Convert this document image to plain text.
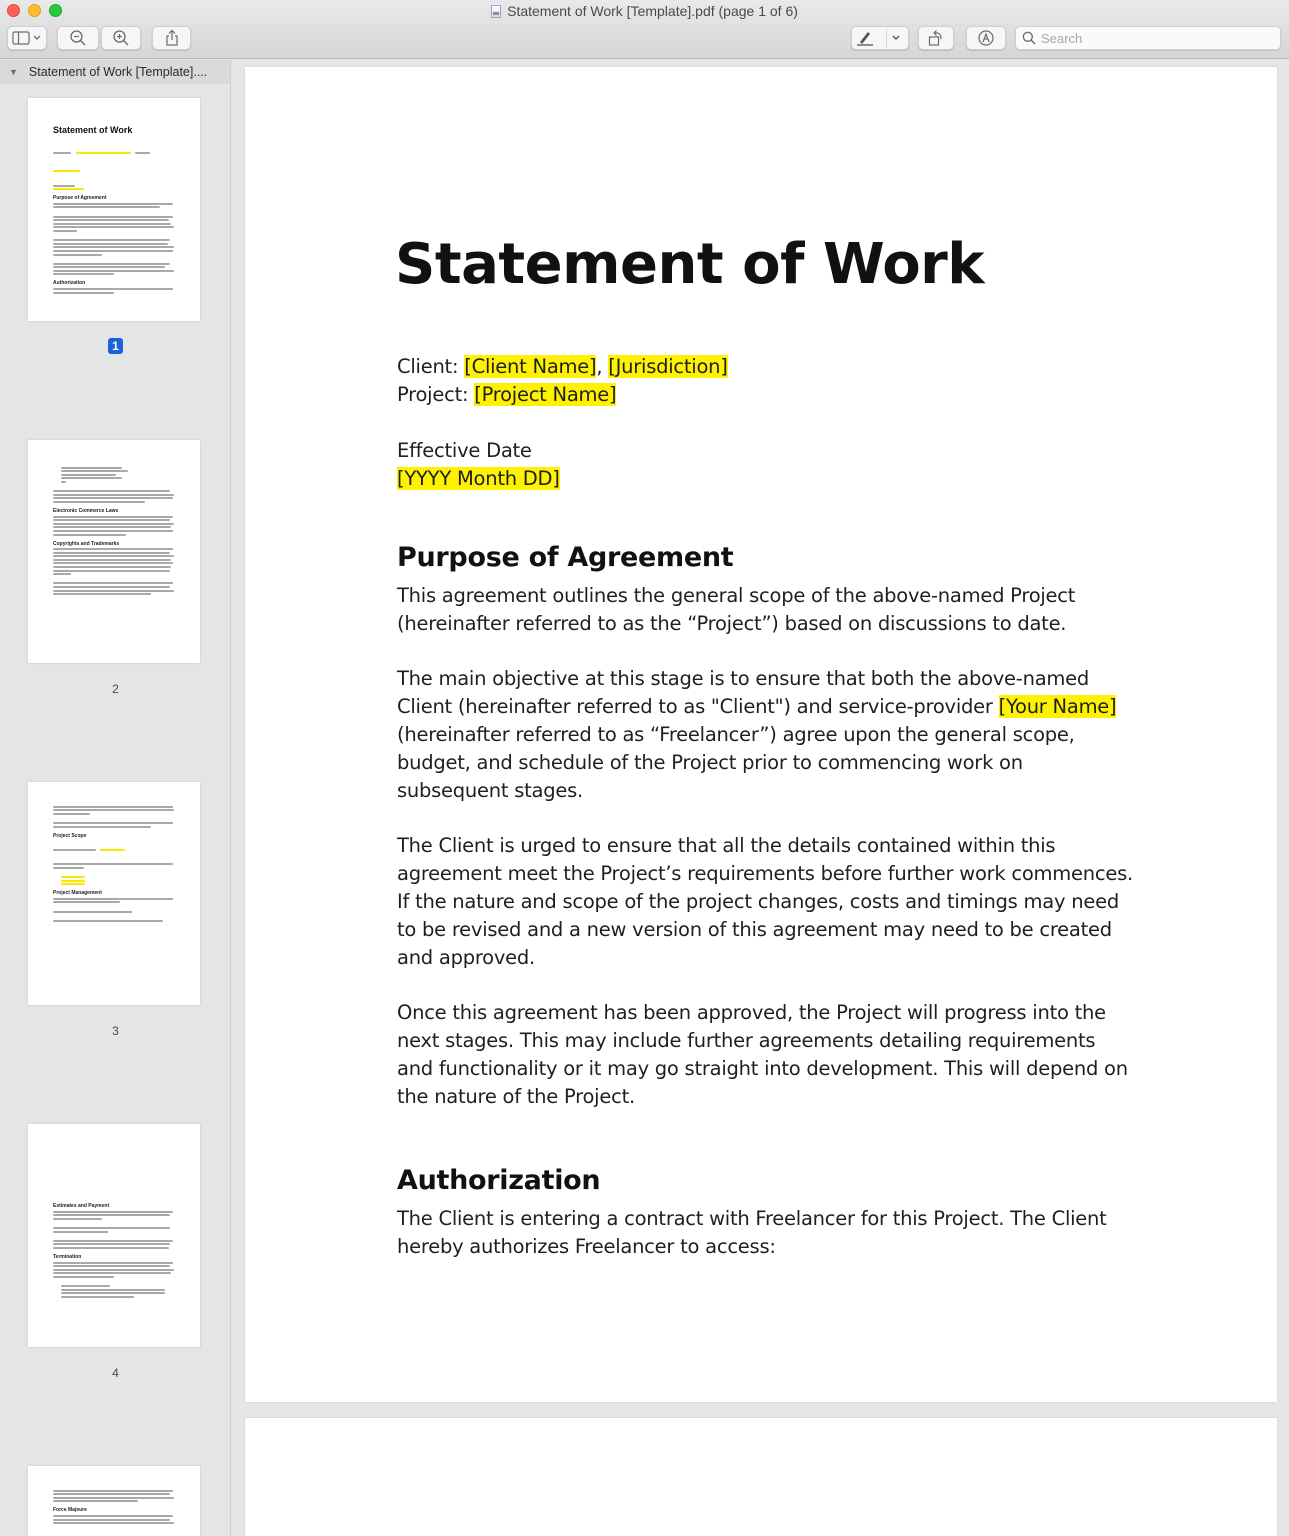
Statement of Work [Template].pdf (page 1 of 6)
Search
▼ Statement of Work [Template]....
Statement of Work

Purpose of Agreement
Authorization
1
Electronic Commerce Laws
Copyrights and Trademarks
2
Project Scope

Project Management
3
Estimates and Payment
Termination
4
Force Majeure
Statement of Work
Client: [Client Name], [Jurisdiction]
Project: [Project Name]
Effective Date
[YYYY Month DD]
Purpose of Agreement

This agreement outlines the general scope of the above-named Project (hereinafter referred to as the “Project”) based on discussions to date.

The main objective at this stage is to ensure that both the above-named Client (hereinafter referred to as "Client") and service-provider [Your Name] (hereinafter referred to as “Freelancer”) agree upon the general scope, budget, and schedule of the Project prior to commencing work on subsequent stages.

The Client is urged to ensure that all the details contained within this agreement meet the Project’s requirements before further work commences. If the nature and scope of the project changes, costs and timings may need to be revised and a new version of this agreement may need to be created and approved.

Once this agreement has been approved, the Project will progress into the next stages. This may include further agreements detailing requirements and functionality or it may go straight into development. This will depend on the nature of the Project.

Authorization

The Client is entering a contract with Freelancer for this Project. The Client hereby authorizes Freelancer to access:
